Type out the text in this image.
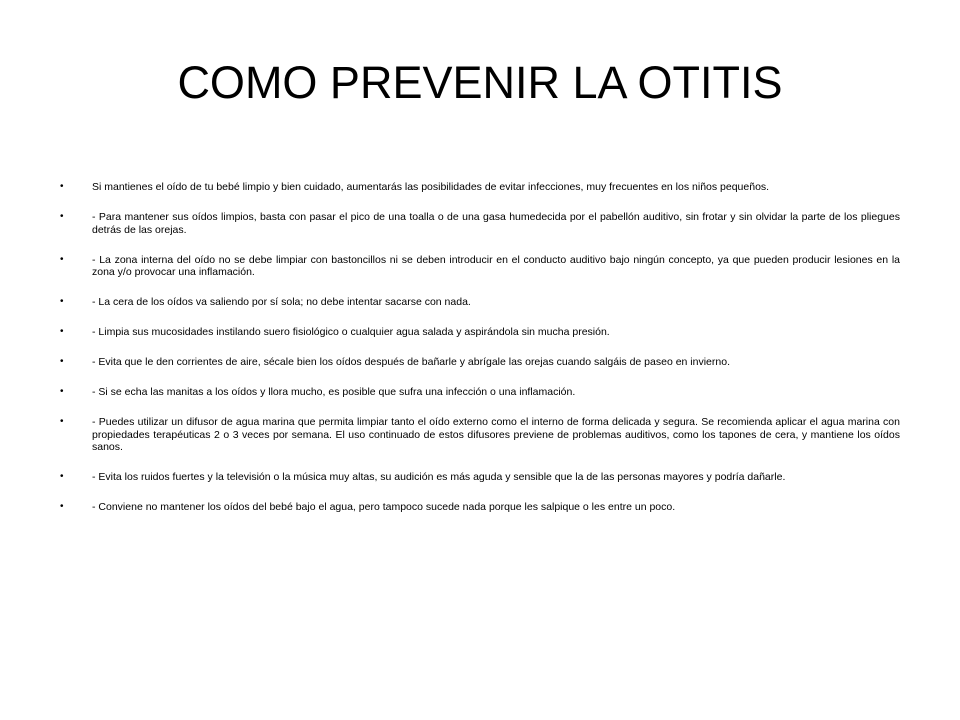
COMO PREVENIR LA OTITIS
•	Si mantienes el oído de tu bebé limpio y bien cuidado, aumentarás las posibilidades de evitar infecciones, muy frecuentes en los niños pequeños.
•	- Para mantener sus oídos limpios, basta con pasar el pico de una toalla o de una gasa humedecida por el pabellón auditivo, sin frotar y sin olvidar la parte de los pliegues detrás de las orejas.
•	- La zona interna del oído no se debe limpiar con bastoncillos ni se deben introducir en el conducto auditivo bajo ningún concepto, ya que pueden producir lesiones en la zona y/o provocar una inflamación.
•	- La cera de los oídos va saliendo por sí sola; no debe intentar sacarse con nada.
•	- Limpia sus mucosidades instilando suero fisiológico o cualquier agua salada y aspirándola sin mucha presión.
•	- Evita que le den corrientes de aire, sécale bien los oídos después de bañarle y abrígale las orejas cuando salgáis de paseo en invierno.
•	- Si se echa las manitas a los oídos y llora mucho, es posible que sufra una infección o una inflamación.
•	- Puedes utilizar un difusor de agua marina que permita limpiar tanto el oído externo como el interno de forma delicada y segura. Se recomienda aplicar el agua marina con propiedades terapéuticas 2 o 3 veces por semana. El uso continuado de estos difusores previene de problemas auditivos, como los tapones de cera, y mantiene los oídos sanos.
•	- Evita los ruidos fuertes y la televisión o la música muy altas, su audición es más aguda y sensible que la de las personas mayores y podría dañarle.
•	- Conviene no mantener los oídos del bebé bajo el agua, pero tampoco sucede nada porque les salpique o les entre un poco.
